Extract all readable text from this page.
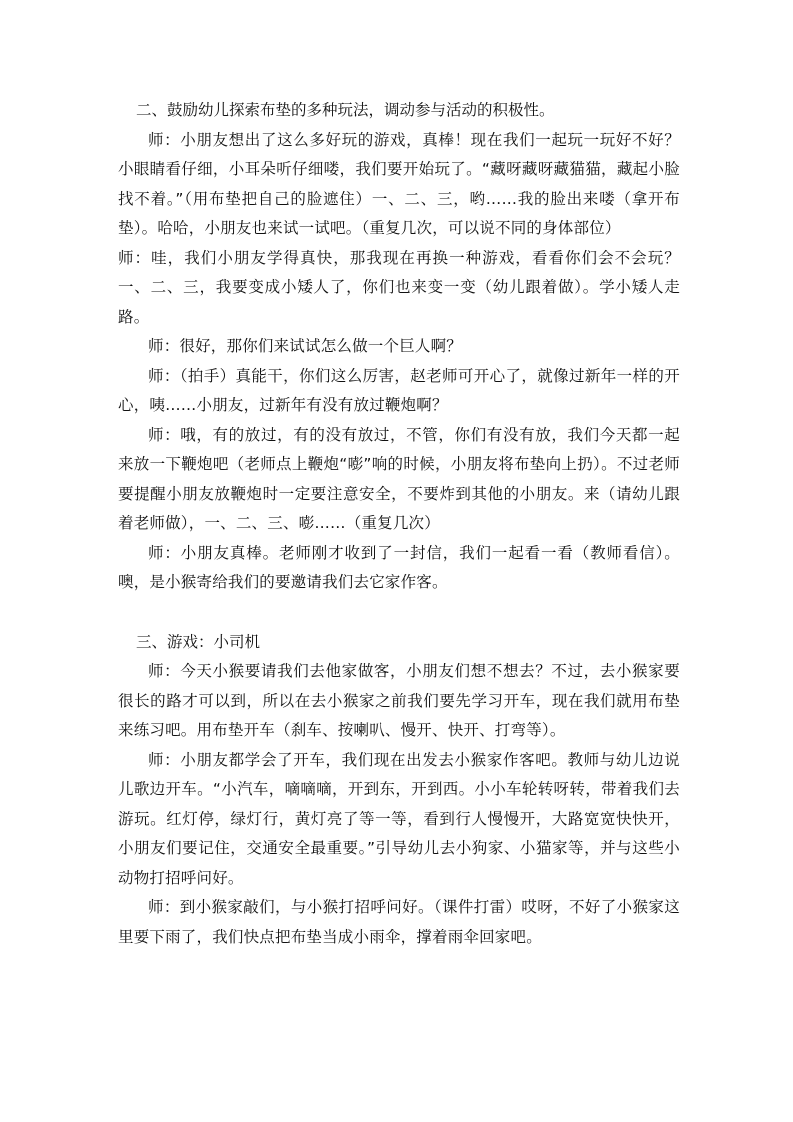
二、鼓励幼儿探索布垫的多种玩法，调动参与活动的积极性。

师：小朋友想出了这么多好玩的游戏，真棒！现在我们一起玩一玩好不好？小眼睛看仔细，小耳朵听仔细喽，我们要开始玩了。“藏呀藏呀藏猫猫，藏起小脸找不着。”（用布垫把自己的脸遮住）一、二、三，哟……我的脸出来喽（拿开布垫）。哈哈，小朋友也来试一试吧。（重复几次，可以说不同的身体部位）

师：哇，我们小朋友学得真快，那我现在再换一种游戏，看看你们会不会玩？一、二、三，我要变成小矮人了，你们也来变一变（幼儿跟着做）。学小矮人走路。

师：很好，那你们来试试怎么做一个巨人啊？

师：（拍手）真能干，你们这么厉害，赵老师可开心了，就像过新年一样的开心，咦……小朋友，过新年有没有放过鞭炮啊？

师：哦，有的放过，有的没有放过，不管，你们有没有放，我们今天都一起来放一下鞭炮吧（老师点上鞭炮“嘭”响的时候，小朋友将布垫向上扔）。不过老师要提醒小朋友放鞭炮时一定要注意安全，不要炸到其他的小朋友。来（请幼儿跟着老师做），一、二、三、嘭……（重复几次）

师：小朋友真棒。老师刚才收到了一封信，我们一起看一看（教师看信）。噢，是小猴寄给我们的要邀请我们去它家作客。

三、游戏：小司机

师：今天小猴要请我们去他家做客，小朋友们想不想去？不过，去小猴家要很长的路才可以到，所以在去小猴家之前我们要先学习开车，现在我们就用布垫来练习吧。用布垫开车（刹车、按喇叭、慢开、快开、打弯等）。

师：小朋友都学会了开车，我们现在出发去小猴家作客吧。教师与幼儿边说儿歌边开车。“小汽车，嘀嘀嘀，开到东，开到西。小小车轮转呀转，带着我们去游玩。红灯停，绿灯行，黄灯亮了等一等，看到行人慢慢开，大路宽宽快快开，小朋友们要记住，交通安全最重要。”引导幼儿去小狗家、小猫家等，并与这些小动物打招呼问好。

师：到小猴家敲们，与小猴打招呼问好。（课件打雷）哎呀，不好了小猴家这里要下雨了，我们快点把布垫当成小雨伞，撑着雨伞回家吧。
